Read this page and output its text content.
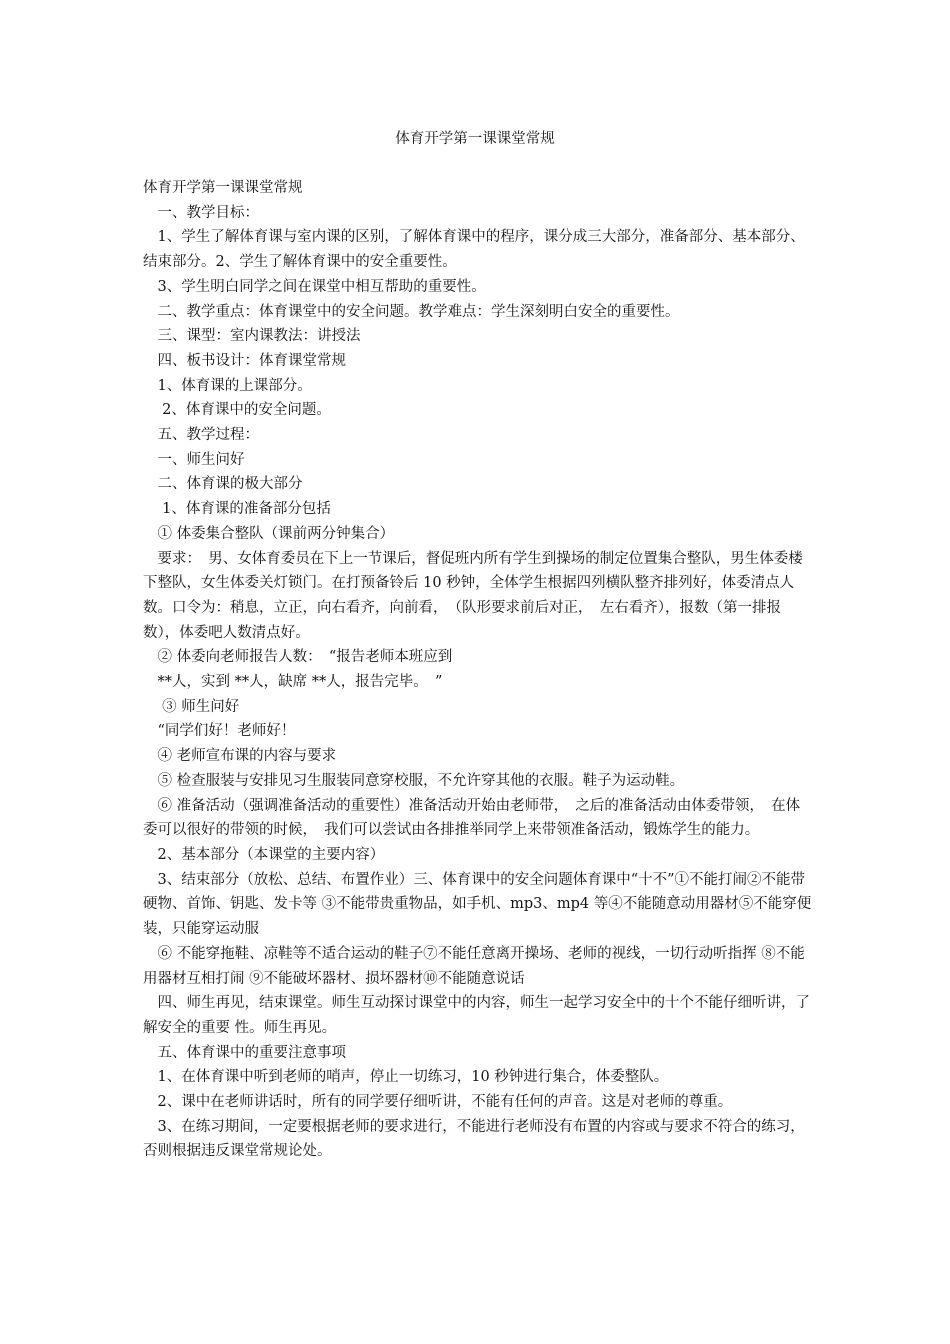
体育开学第一课课堂常规

体育开学第一课课堂常规

　一、教学目标：

　1、学生了解体育课与室内课的区别，了解体育课中的程序，课分成三大部分，准备部分、基本部分、结束部分。2、学生了解体育课中的安全重要性。

　3、学生明白同学之间在课堂中相互帮助的重要性。

　二、教学重点：体育课堂中的安全问题。教学难点：学生深刻明白安全的重要性。

　三、课型：室内课教法：讲授法

　四、板书设计：体育课堂常规

　1、体育课的上课部分。

　 2、体育课中的安全问题。

　五、教学过程：

　一、师生问好

　二、体育课的极大部分

　 1、体育课的准备部分包括

　① 体委集合整队（课前两分钟集合）

　要求：　男、女体育委员在下上一节课后，督促班内所有学生到操场的制定位置集合整队，男生体委楼下整队，女生体委关灯锁门。在打预备铃后 10 秒钟，全体学生根据四列横队整齐排列好，体委清点人数。口令为：稍息，立正，向右看齐，向前看，　（队形要求前后对正，　左右看齐），报数（第一排报数），体委吧人数清点好。

　② 体委向老师报告人数：　“报告老师本班应到

　**人，实到 **人，缺席 **人，报告完毕。　”

　 ③ 师生问好

　“同学们好！老师好！

　④ 老师宣布课的内容与要求

　⑤ 检查服装与安排见习生服装同意穿校服，不允许穿其他的衣服。鞋子为运动鞋。

　⑥ 准备活动（强调准备活动的重要性）准备活动开始由老师带，　之后的准备活动由体委带领，　在体委可以很好的带领的时候，　我们可以尝试由各排推举同学上来带领准备活动，锻炼学生的能力。

　2、基本部分（本课堂的主要内容）

　3、结束部分（放松、总结、布置作业）三、体育课中的安全问题体育课中“十不”①不能打闹②不能带硬物、首饰、钥匙、发卡等 ③不能带贵重物品，如手机、mp3、mp4 等④不能随意动用器材⑤不能穿便装，只能穿运动服

　⑥ 不能穿拖鞋、凉鞋等不适合运动的鞋子⑦不能任意离开操场、老师的视线，一切行动听指挥 ⑧不能用器材互相打闹 ⑨不能破坏器材、损坏器材⑩不能随意说话

　四、师生再见，结束课堂。师生互动探讨课堂中的内容，师生一起学习安全中的十个不能仔细听讲，了解安全的重要 性。师生再见。

　五、体育课中的重要注意事项

　1、在体育课中听到老师的哨声，停止一切练习，10 秒钟进行集合，体委整队。

　2、课中在老师讲话时，所有的同学要仔细听讲，不能有任何的声音。这是对老师的尊重。

　3、在练习期间，一定要根据老师的要求进行，不能进行老师没有布置的内容或与要求不符合的练习，否则根据违反课堂常规论处。
